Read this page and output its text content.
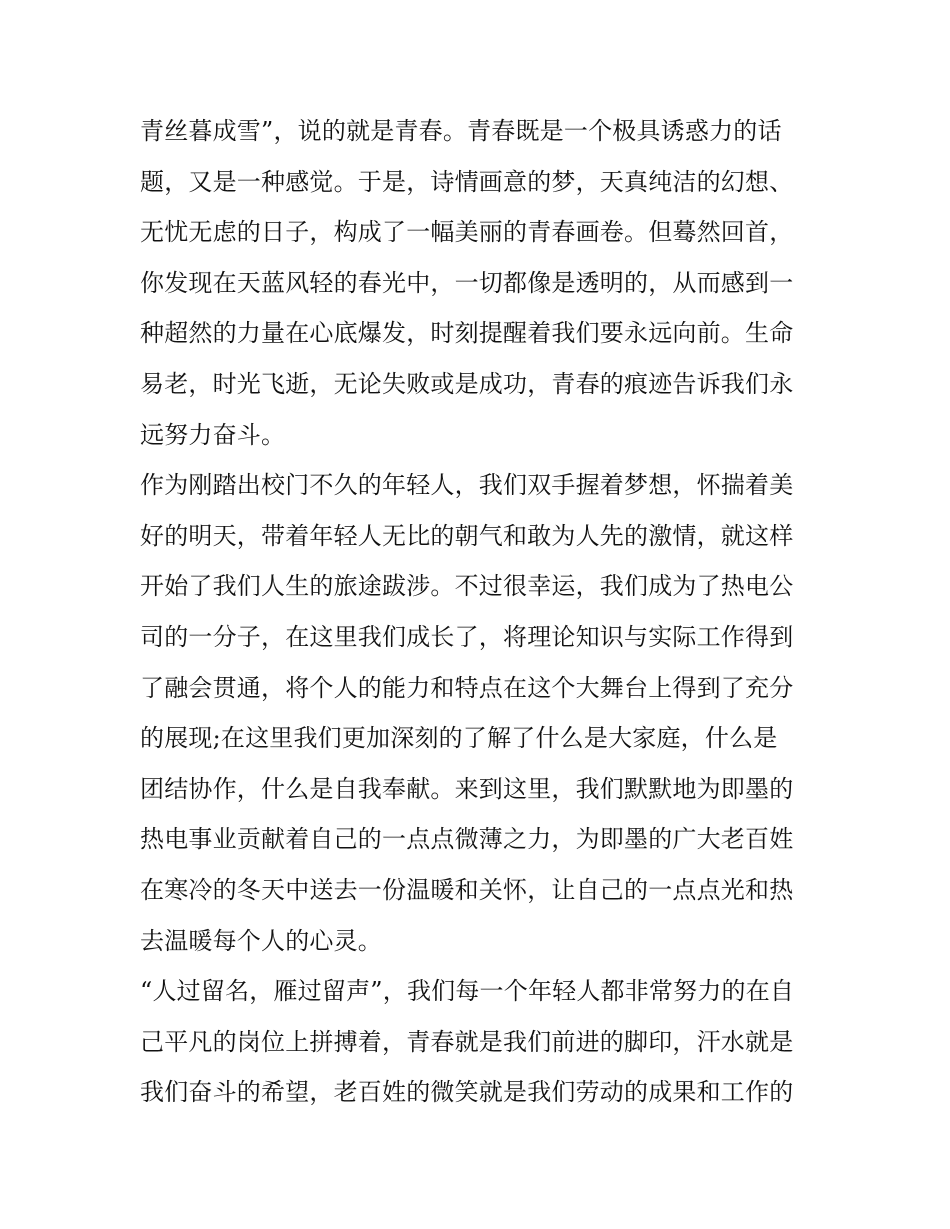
青丝暮成雪”，说的就是青春。青春既是一个极具诱惑力的话
题，又是一种感觉。于是，诗情画意的梦，天真纯洁的幻想、
无忧无虑的日子，构成了一幅美丽的青春画卷。但蓦然回首，
你发现在天蓝风轻的春光中，一切都像是透明的，从而感到一
种超然的力量在心底爆发，时刻提醒着我们要永远向前。生命
易老，时光飞逝，无论失败或是成功，青春的痕迹告诉我们永
远努力奋斗。
作为刚踏出校门不久的年轻人，我们双手握着梦想，怀揣着美
好的明天，带着年轻人无比的朝气和敢为人先的激情，就这样
开始了我们人生的旅途跋涉。不过很幸运，我们成为了热电公
司的一分子，在这里我们成长了，将理论知识与实际工作得到
了融会贯通，将个人的能力和特点在这个大舞台上得到了充分
的展现;在这里我们更加深刻的了解了什么是大家庭，什么是
团结协作，什么是自我奉献。来到这里，我们默默地为即墨的
热电事业贡献着自己的一点点微薄之力，为即墨的广大老百姓
在寒冷的冬天中送去一份温暖和关怀，让自己的一点点光和热
去温暖每个人的心灵。
“人过留名，雁过留声”，我们每一个年轻人都非常努力的在自
己平凡的岗位上拼搏着，青春就是我们前进的脚印，汗水就是
我们奋斗的希望，老百姓的微笑就是我们劳动的成果和工作的
